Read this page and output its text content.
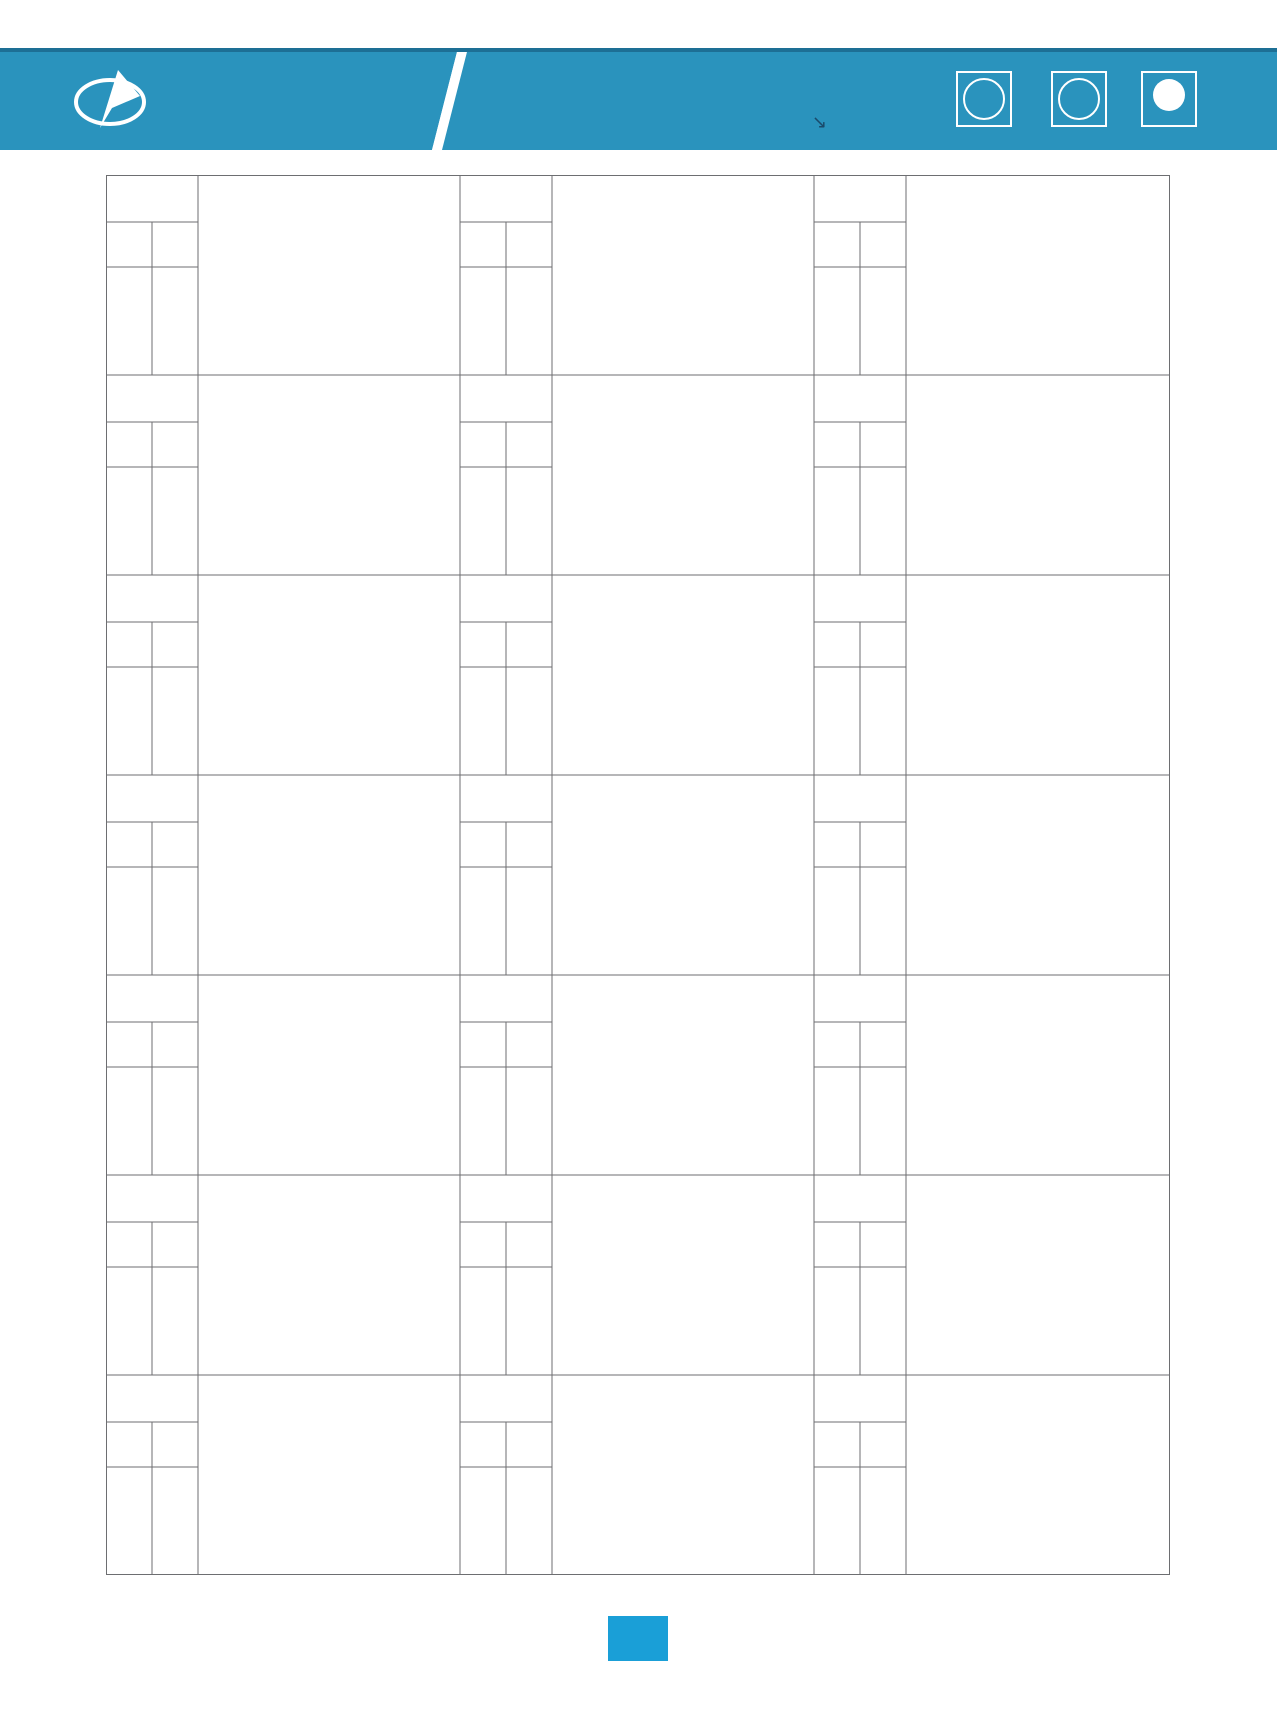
↘
